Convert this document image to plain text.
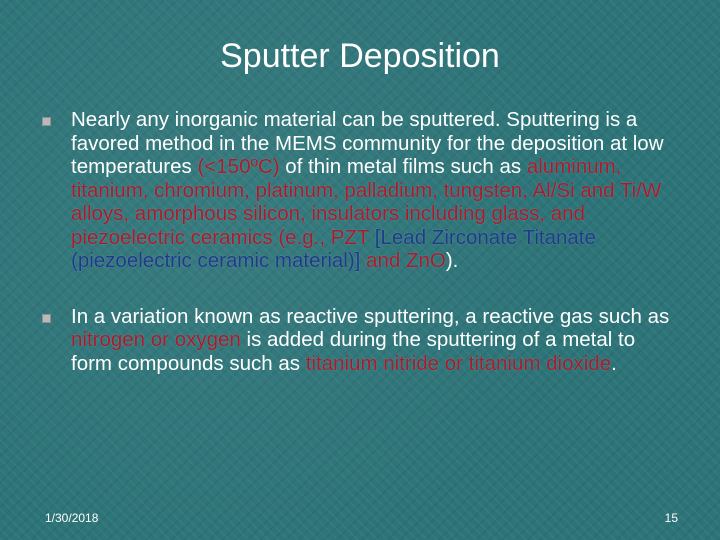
Sputter Deposition
Nearly any inorganic material can be sputtered. Sputtering is a favored method in the MEMS community for the deposition at low temperatures (<150ºC) of thin metal films such as aluminum, titanium, chromium, platinum, palladium, tungsten, Al/Si and Ti/W alloys, amorphous silicon, insulators including glass, and piezoelectric ceramics (e.g., PZT [Lead Zirconate Titanate (piezoelectric ceramic material)] and ZnO).
In a variation known as reactive sputtering, a reactive gas such as nitrogen or oxygen is added during the sputtering of a metal to form compounds such as titanium nitride or titanium dioxide.
1/30/2018	15
